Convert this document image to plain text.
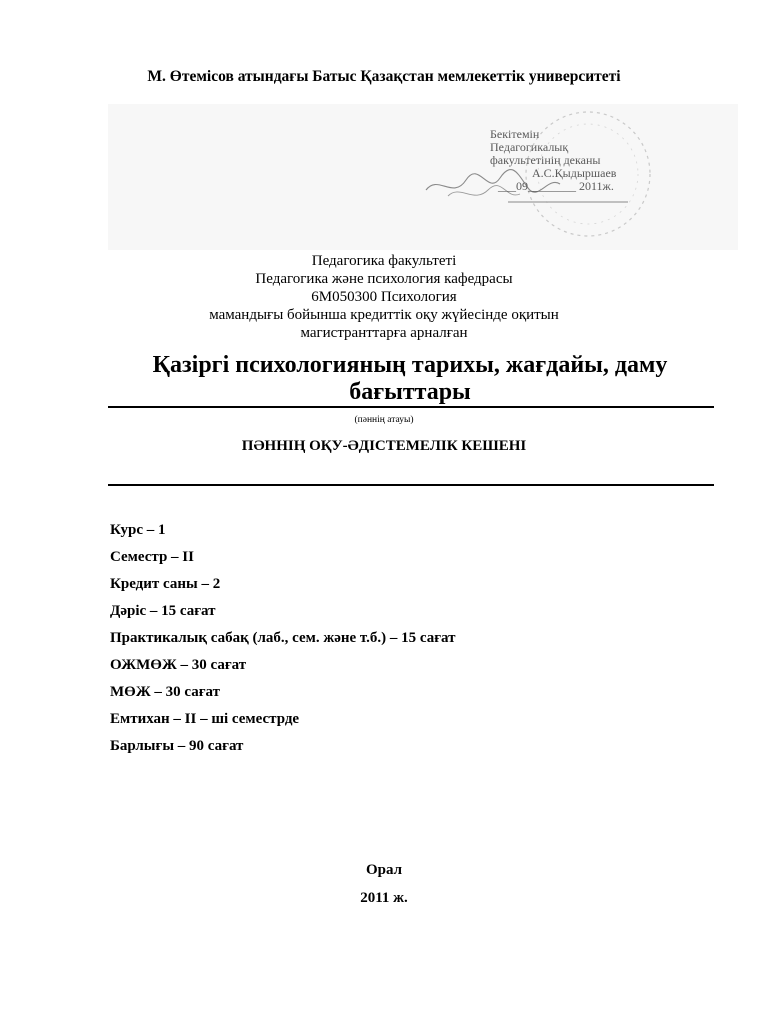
М. Өтемісов атындағы Батыс Қазақстан мемлекеттік университеті
Бекітемін
Педагогикалық
факультетінің деканы
А.С.Қыдыршаев
___09________ 2011ж.
Педагогика факультеті
Педагогика және психология кафедрасы
6М050300 Психология
мамандығы бойынша кредиттік оқу жүйесінде оқитын
магистранттарға арналған
Қазіргі психологияның тарихы, жағдайы, даму бағыттары
(пәннің атауы)
ПӘННІҢ ОҚУ-ӘДІСТЕМЕЛІК КЕШЕНІ
Курс – 1
Семестр – ІІ
Кредит саны – 2
Дәріс – 15 сағат
Практикалық сабақ (лаб., сем. және т.б.) – 15 сағат
ОЖМӨЖ – 30 сағат
МӨЖ – 30 сағат
Емтихан – ІІ – ші семестрде
Барлығы – 90 сағат
Орал
2011 ж.
